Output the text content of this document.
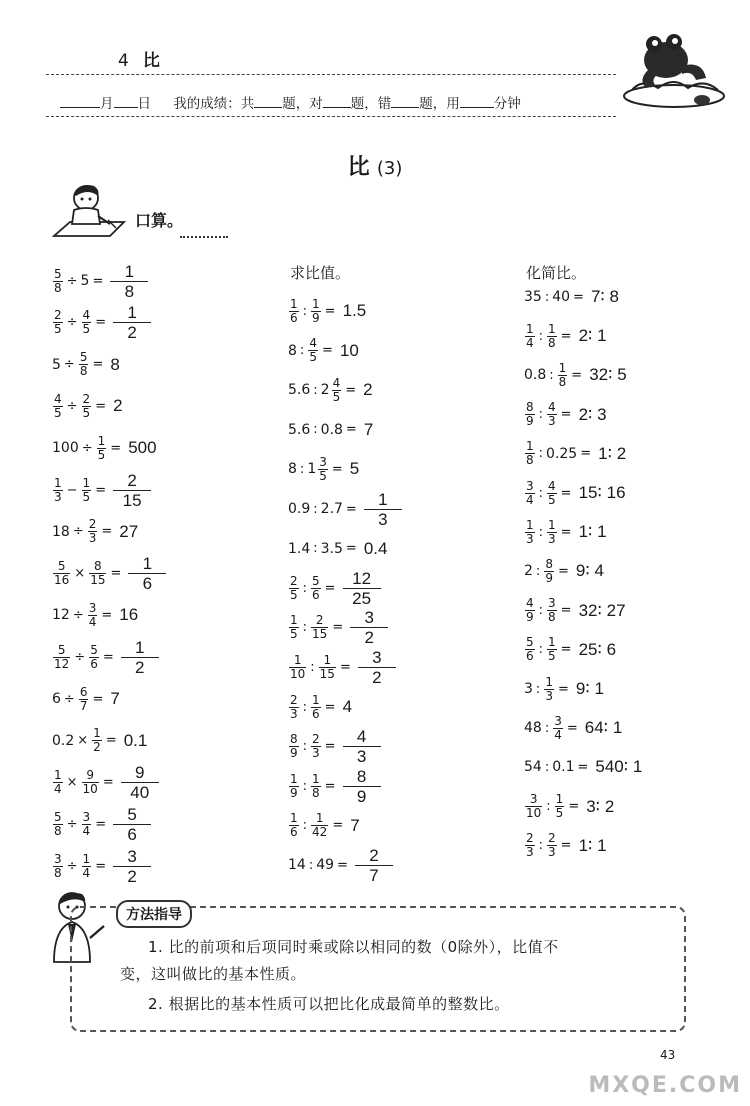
4 比
月 日 我的成绩：共 题，对 题，错 题，用	分钟
比 (3)
口算。
求比值。	化简比。
$\frac{5}{8} \div 5 = \frac{1}{8}$
$\frac{2}{5} \div \frac{4}{5} = \frac{1}{2}$
$5 \div \frac{5}{8} = 8$
$\frac{4}{5} \div \frac{2}{5} = 2$
$100 \div \frac{1}{5} = 500$
$\frac{1}{3} - \frac{1}{5} = \frac{2}{15}$
$18 \div \frac{2}{3} = 27$
$\frac{5}{16} \times \frac{8}{15} = \frac{1}{6}$
$12 \div \frac{3}{4} = 16$
$\frac{5}{12} \div \frac{5}{6} = \frac{1}{2}$
$6 \div \frac{6}{7} = 7$
$0.2 \times \frac{1}{2} = 0.1$
$\frac{1}{4} \times \frac{9}{10} = \frac{9}{40}$
$\frac{5}{8} \div \frac{3}{4} = \frac{5}{6}$
$\frac{3}{8} \div \frac{1}{4} = \frac{3}{2}$
$\frac{1}{6}$ : $\frac{1}{9} = 1.5$
8 : $\frac{4}{5} = 10$
5.6 : $2 \frac{4}{5} = 2$
5.6 : 0.8 = 7
8 : $1 \frac{3}{5} = 5$
0.9 : $2.7 = \frac{1}{3}$
1.4 : 3.5 = 0.4
$\frac{2}{5}$ : $\frac{5}{6} = \frac{12}{25}$
$\frac{1}{5}$ : $\frac{2}{15} = \frac{3}{2}$
$\frac{1}{10}$ : $\frac{1}{15} = \frac{3}{2}$
$\frac{2}{3}$ : $\frac{1}{6} = 4$
$\frac{8}{9}$ : $\frac{2}{3} = \frac{4}{3}$
$\frac{1}{9}$ : $\frac{1}{8} = \frac{8}{9}$
$\frac{1}{6}$ : $\frac{1}{42} = 7$
14 : $49 = \frac{2}{7}$
35 : 40 = 7∶ 8
$\frac{1}{4}$ : $\frac{1}{8}$ = 2∶ 1
0.8 : $\frac{1}{8}$ = 32∶ 5
$\frac{8}{9}$ : $\frac{4}{3}$ = 2∶ 3
$\frac{1}{8}$ : 0.25 = 1∶ 2
$\frac{3}{4}$ : $\frac{4}{5}$ = 15∶ 16
$\frac{1}{3}$ : $\frac{1}{3}$ = 1∶ 1
2 : $\frac{8}{9}$ = 9∶ 4
$\frac{4}{9}$ : $\frac{3}{8}$ = 32∶ 27
$\frac{5}{6}$ : $\frac{1}{5}$ = 25∶ 6
3 : $\frac{1}{3}$ = 9∶ 1
48 : $\frac{3}{4}$ = 64∶ 1
54 : 0.1 = 540∶ 1
$\frac{3}{10}$ : $\frac{1}{5}$ = 3∶ 2
$\frac{2}{3}$ : $\frac{2}{3}$ = 1∶ 1
方法指导
1. 比的前项和后项同时乘或除以相同的数（0除外），比值不
变，这叫做比的基本性质。
2. 根据比的基本性质可以把比化成最简单的整数比。
43
MXQE.COM
